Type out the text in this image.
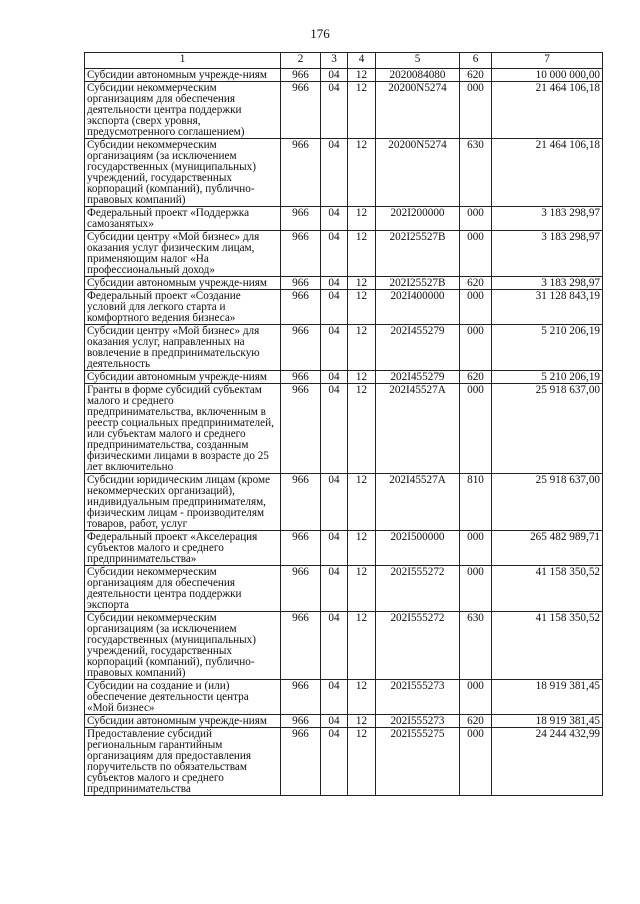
176
1	2	3	4	5	6	7
Субсидии автономным учрежде-ниям	966	04	12	2020084080	620	10 000 000,00
Субсидии некоммерческим организациям для обеспечения деятельности центра поддержки экспорта (сверх уровня, предусмотренного соглашением)	966	04	12	20200N5274	000	21 464 106,18
Субсидии некоммерческим организациям (за исключением государственных (муниципальных) учреждений, государственных корпораций (компаний), публично-правовых компаний)	966	04	12	20200N5274	630	21 464 106,18
Федеральный проект «Поддержка самозанятых»	966	04	12	202I200000	000	3 183 298,97
Субсидии центру «Мой бизнес» для оказания услуг физическим лицам, применяющим налог «На профессиональный доход»	966	04	12	202I25527B	000	3 183 298,97
Субсидии автономным учрежде-ниям	966	04	12	202I25527B	620	3 183 298,97
Федеральный проект «Создание условий для легкого старта и комфортного ведения бизнеса»	966	04	12	202I400000	000	31 128 843,19
Субсидии центру «Мой бизнес» для оказания услуг, направленных на вовлечение в предпринимательскую деятельность	966	04	12	202I455279	000	5 210 206,19
Субсидии автономным учрежде-ниям	966	04	12	202I455279	620	5 210 206,19
Гранты в форме субсидий субъектам малого и среднего предпринимательства, включенным в реестр социальных предпринимателей, или субъектам малого и среднего предпринимательства, созданным физическими лицами в возрасте до 25 лет включительно	966	04	12	202I45527A	000	25 918 637,00
Субсидии юридическим лицам (кроме некоммерческих организаций), индивидуальным предпринимателям, физическим лицам - производителям товаров, работ, услуг	966	04	12	202I45527A	810	25 918 637,00
Федеральный проект «Акселерация субъектов малого и среднего предпринимательства»	966	04	12	202I500000	000	265 482 989,71
Субсидии некоммерческим организациям для обеспечения деятельности центра поддержки экспорта	966	04	12	202I555272	000	41 158 350,52
Субсидии некоммерческим организациям (за исключением государственных (муниципальных) учреждений, государственных корпораций (компаний), публично-правовых компаний)	966	04	12	202I555272	630	41 158 350,52
Субсидии на создание и (или) обеспечение деятельности центра «Мой бизнес»	966	04	12	202I555273	000	18 919 381,45
Субсидии автономным учрежде-ниям	966	04	12	202I555273	620	18 919 381,45
Предоставление субсидий региональным гарантийным организациям для предоставления поручительств по обязательствам субъектов малого и среднего предпринимательства	966	04	12	202I555275	000	24 244 432,99
